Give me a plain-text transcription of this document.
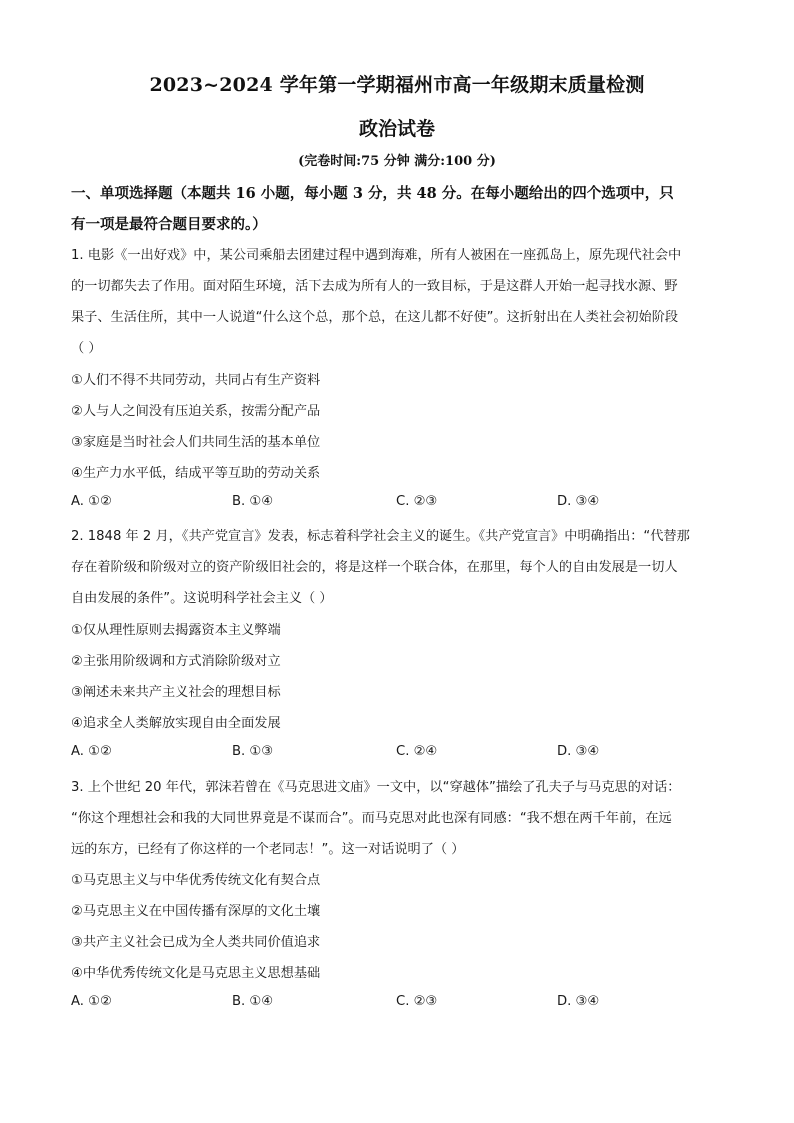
2023~2024 学年第一学期福州市高一年级期末质量检测
政治试卷
(完卷时间:75 分钟 满分:100 分)
一、单项选择题（本题共 16 小题，每小题 3 分，共 48 分。在每小题给出的四个选项中，只
有一项是最符合题目要求的。）
1. 电影《一出好戏》中，某公司乘船去团建过程中遇到海难，所有人被困在一座孤岛上，原先现代社会中
的一切都失去了作用。面对陌生环境，活下去成为所有人的一致目标，于是这群人开始一起寻找水源、野
果子、生活住所，其中一人说道“什么这个总，那个总，在这儿都不好使”。这折射出在人类社会初始阶段
（ ）
①人们不得不共同劳动，共同占有生产资料
②人与人之间没有压迫关系，按需分配产品
③家庭是当时社会人们共同生活的基本单位
④生产力水平低，结成平等互助的劳动关系
A. ①②	B. ①④	C. ②③	D. ③④
2. 1848 年 2 月，《共产党宣言》发表，标志着科学社会主义的诞生。《共产党宣言》中明确指出：“代替那
存在着阶级和阶级对立的资产阶级旧社会的，将是这样一个联合体，在那里，每个人的自由发展是一切人
自由发展的条件”。这说明科学社会主义（ ）
①仅从理性原则去揭露资本主义弊端
②主张用阶级调和方式消除阶级对立
③阐述未来共产主义社会的理想目标
④追求全人类解放实现自由全面发展
A. ①②	B. ①③	C. ②④	D. ③④
3. 上个世纪 20 年代，郭沫若曾在《马克思进文庙》一文中，以“穿越体”描绘了孔夫子与马克思的对话：
“你这个理想社会和我的大同世界竟是不谋而合”。而马克思对此也深有同感：“我不想在两千年前，在远
远的东方，已经有了你这样的一个老同志！”。这一对话说明了（ ）
①马克思主义与中华优秀传统文化有契合点
②马克思主义在中国传播有深厚的文化土壤
③共产主义社会已成为全人类共同价值追求
④中华优秀传统文化是马克思主义思想基础
A. ①②	B. ①④	C. ②③	D. ③④
